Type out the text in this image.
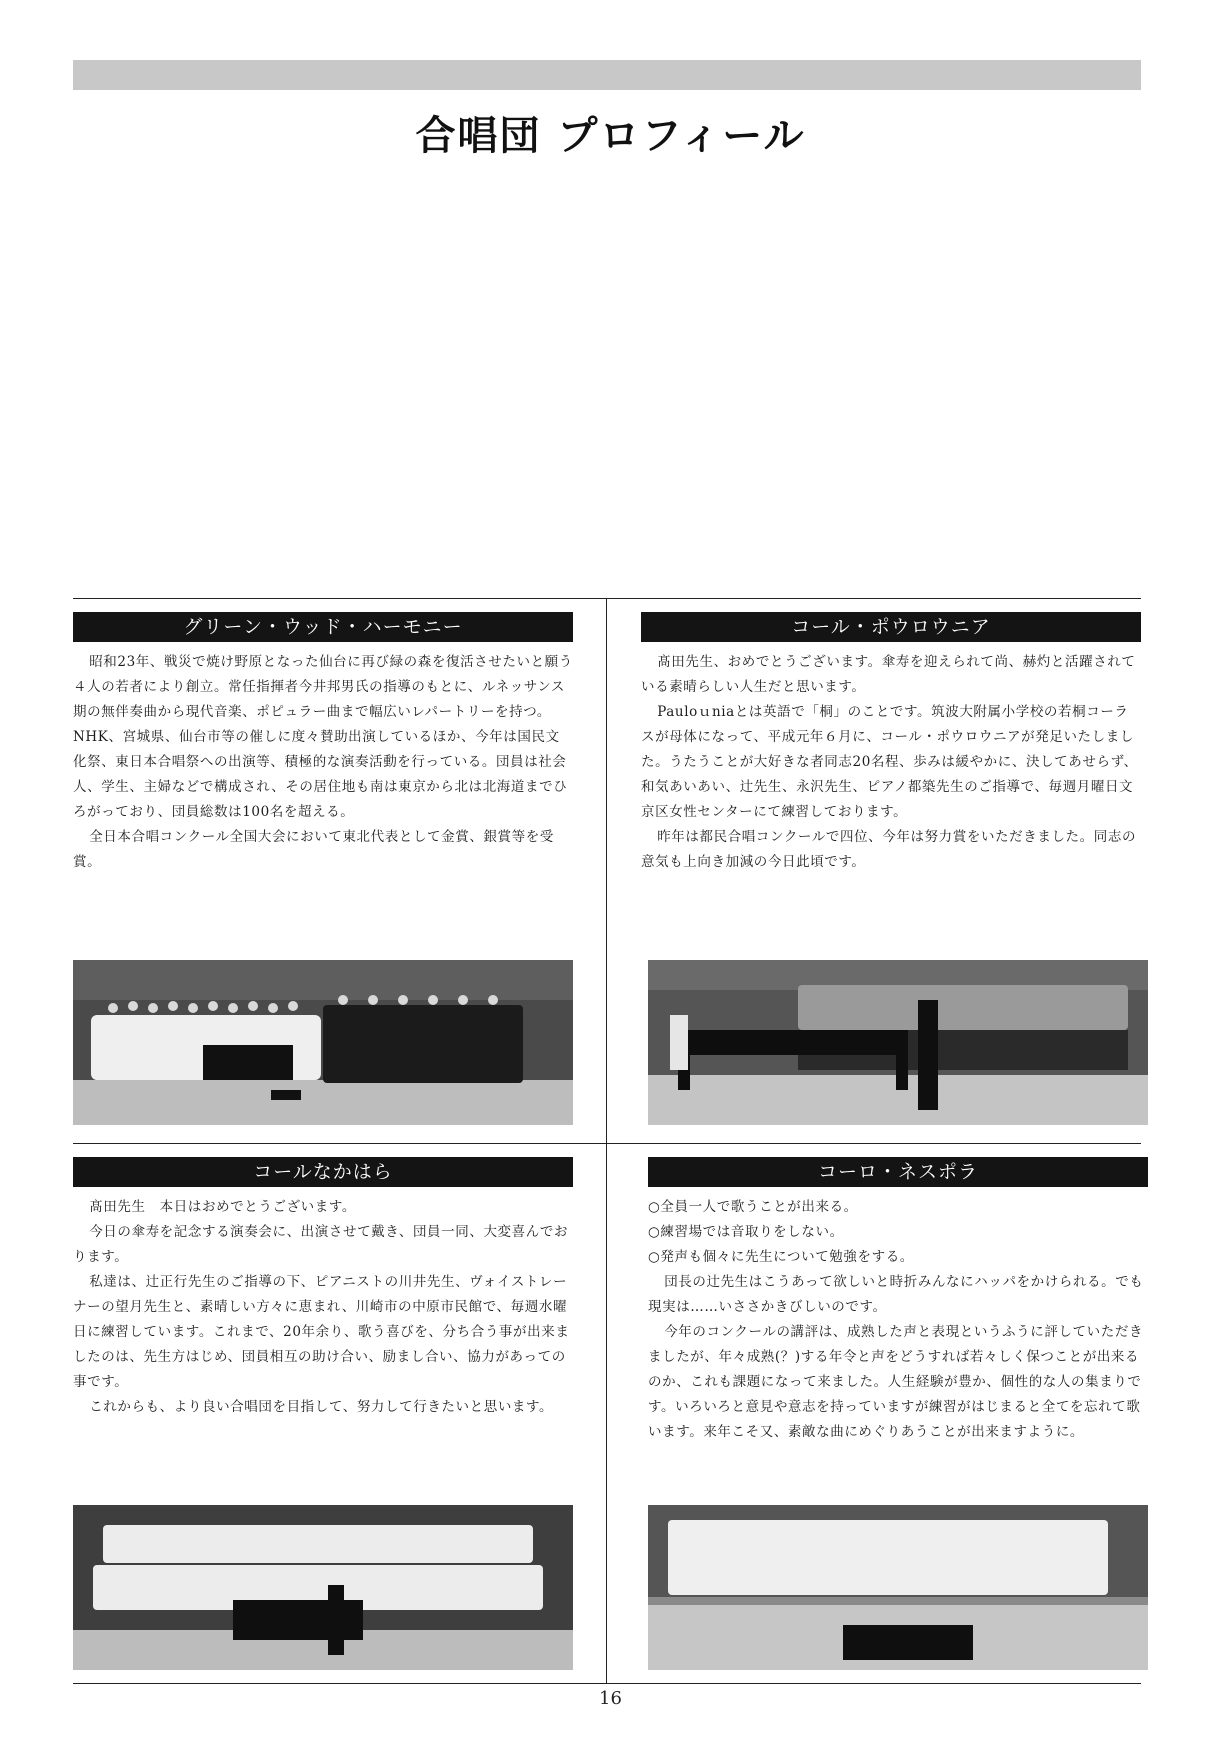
合唱団 プロフィール
グリーン・ウッド・ハーモニー

昭和23年、戦災で焼け野原となった仙台に再び緑の森を復活させたいと願う４人の若者により創立。常任指揮者今井邦男氏の指導のもとに、ルネッサンス期の無伴奏曲から現代音楽、ポピュラー曲まで幅広いレパートリーを持つ。NHK、宮城県、仙台市等の催しに度々賛助出演しているほか、今年は国民文化祭、東日本合唱祭への出演等、積極的な演奏活動を行っている。団員は社会人、学生、主婦などで構成され、その居住地も南は東京から北は北海道までひろがっており、団員総数は100名を超える。

全日本合唱コンクール全国大会において東北代表として金賞、銀賞等を受賞。

コール・ポウロウニア

髙田先生、おめでとうございます。傘寿を迎えられて尚、赫灼と活躍されている素晴らしい人生だと思います。

Pauloｕniaとは英語で「桐」のことです。筑波大附属小学校の若桐コーラスが母体になって、平成元年６月に、コール・ポウロウニアが発足いたしました。うたうことが大好きな者同志20名程、歩みは緩やかに、決してあせらず、和気あいあい、辻先生、永沢先生、ピアノ都築先生のご指導で、毎週月曜日文京区女性センターにて練習しております。

昨年は都民合唱コンクールで四位、今年は努力賞をいただきました。同志の意気も上向き加減の今日此頃です。

コールなかはら

髙田先生　本日はおめでとうございます。

今日の傘寿を記念する演奏会に、出演させて戴き、団員一同、大変喜んでおります。

私達は、辻正行先生のご指導の下、ピアニストの川井先生、ヴォイストレーナーの望月先生と、素晴しい方々に恵まれ、川崎市の中原市民館で、毎週水曜日に練習しています。これまで、20年余り、歌う喜びを、分ち合う事が出来ましたのは、先生方はじめ、団員相互の助け合い、励まし合い、協力があっての事です。

これからも、より良い合唱団を目指して、努力して行きたいと思います。

コーロ・ネスポラ

○全員一人で歌うことが出来る。

○練習場では音取りをしない。

○発声も個々に先生について勉強をする。

団長の辻先生はこうあって欲しいと時折みんなにハッパをかけられる。でも現実は……いささかきびしいのです。

今年のコンクールの講評は、成熟した声と表現というふうに評していただきましたが、年々成熟(？)する年令と声をどうすれば若々しく保つことが出来るのか、これも課題になって来ました。人生経験が豊か、個性的な人の集まりです。いろいろと意見や意志を持っていますが練習がはじまると全てを忘れて歌います。来年こそ又、素敵な曲にめぐりあうことが出来ますように。

16
